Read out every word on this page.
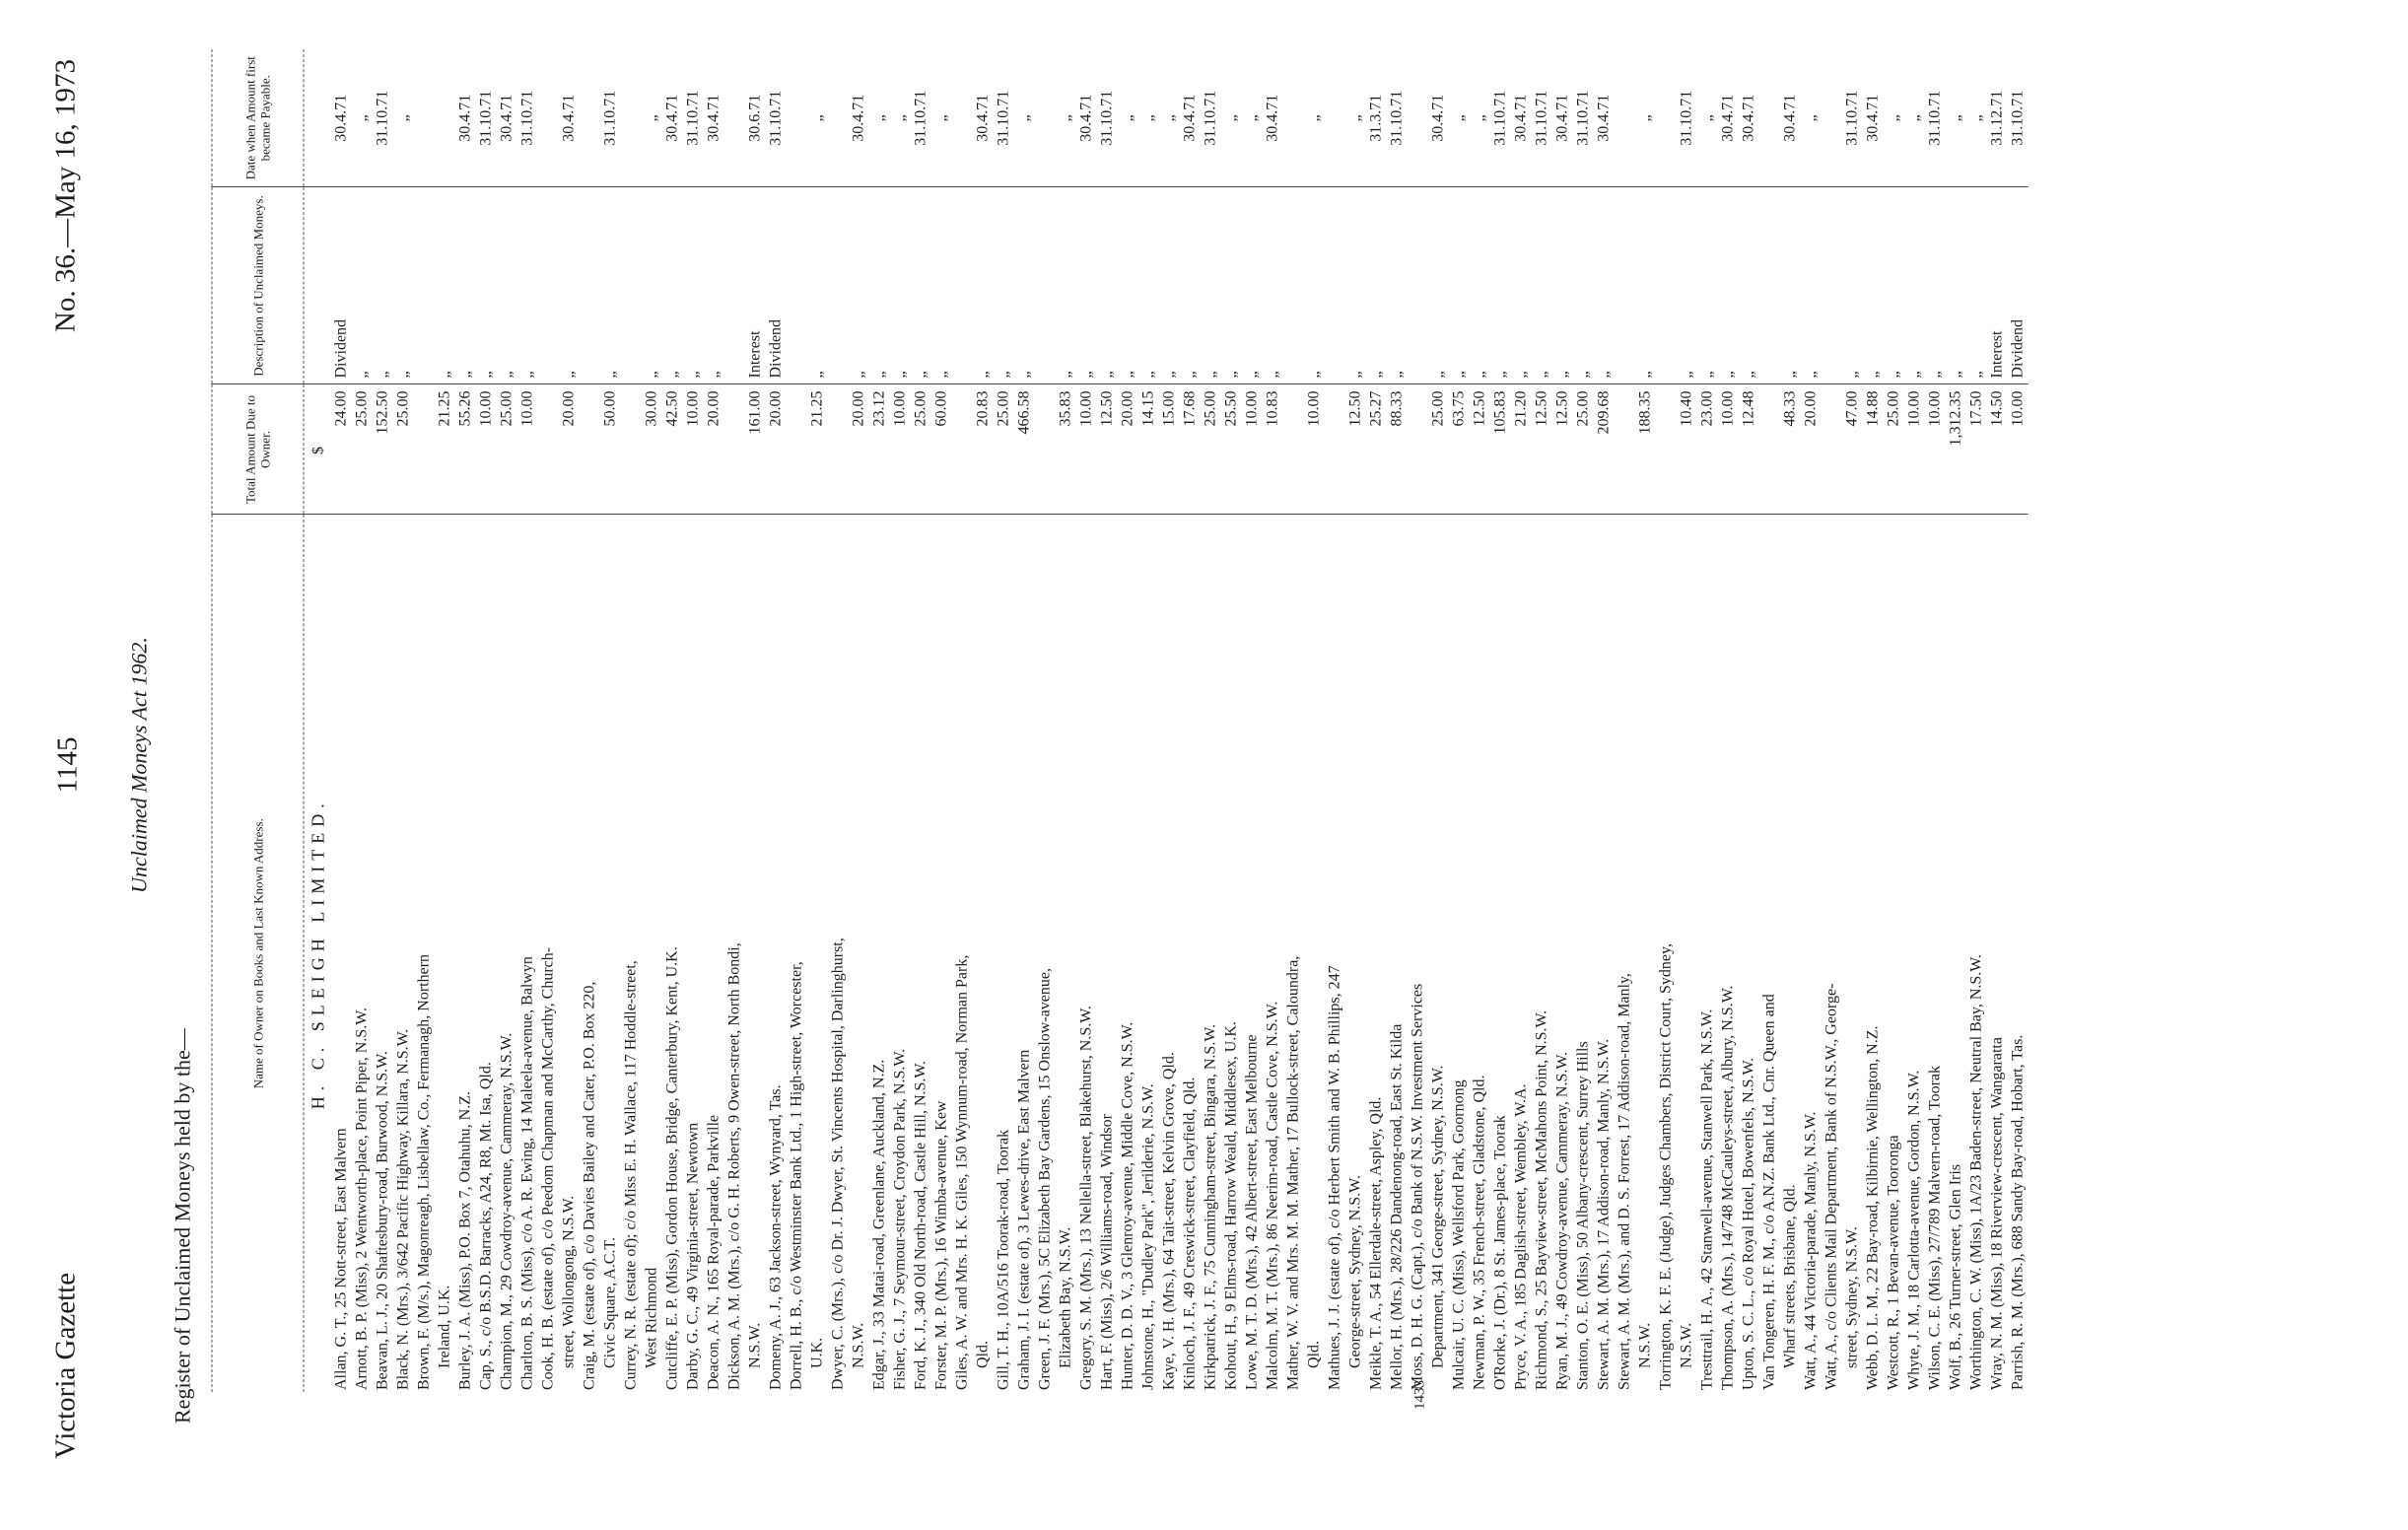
Victoria Gazette
1145
No. 36.—May 16, 1973
Unclaimed Moneys Act 1962.
Register of Unclaimed Moneys held by the—
Name of Owner on Books and Last Known Address.	Total Amount Due to Owner.	Description of Unclaimed Moneys.	Date when Amount first became Payable.
H. C. SLEIGH LIMITED.	$		
Allan, G. T., 25 Nott-street, East Malvern	24.00	Dividend	30.4.71
Arnott, B. P. (Miss), 2 Wentworth-place, Point Piper, N.S.W.	25.00	„	„
Beavan, L. J., 20 Shaftesbury-road, Burwood, N.S.W.	152.50	„	31.10.71
Black, N. (Mrs.), 3/642 Pacific Highway, Killara, N.S.W.	25.00	„	„
Brown, F. (M/s.), Magonreagh, Lisbellaw, Co., Fermanagh, Northern Ireland, U.K.	21.25	„	
Burley, J. A. (Miss), P.O. Box 7, Otahuhu, N.Z.	55.26	„	30.4.71
Cap, S., c/o B.S.D. Barracks, A24, R8, Mt. Isa, Qld.	10.00	„	31.10.71
Champion, M., 29 Cowdroy-avenue, Cammeray, N.S.W.	25.00	„	30.4.71
Charlton, B. S. (Miss), c/o A. R. Ewing, 14 Maleela-avenue, Balwyn	10.00	„	31.10.71
Cook, H. B. (estate of), c/o Peedom Chapman and McCarthy, Church- street, Wollongong, N.S.W.	20.00	„	30.4.71
Craig, M. (estate of), c/o Davies Bailey and Cater, P.O. Box 220, Civic Square, A.C.T.	50.00	„	31.10.71
Currey, N. R. (estate of); c/o Miss E. H. Wallace, 117 Hoddle-street, West Richmond	30.00	„	„
Cutcliffe, E. P. (Miss), Gordon House, Bridge, Canterbury, Kent, U.K.	42.50	„	30.4.71
Darby, G. C., 49 Virginia-street, Newtown	10.00	„	31.10.71
Deacon, A. N., 165 Royal-parade, Parkville	20.00	„	30.4.71
Dickson, A. M. (Mrs.), c/o G. H. Roberts, 9 Owen-street, North Bondi, N.S.W.	161.00	Interest	30.6.71
Domeny, A. J., 63 Jackson-street, Wynyard, Tas.	20.00	Dividend	31.10.71
Dorrell, H. B., c/o Westminster Bank Ltd., 1 High-street, Worcester, U.K.	21.25	„	„
Dwyer, C. (Mrs.), c/o Dr. J. Dwyer, St. Vincents Hospital, Darlinghurst, N.S.W.	20.00	„	30.4.71
Edgar, J., 33 Matai-road, Greenlane, Auckland, N.Z.	23.12	„	„
Fisher, G. J., 7 Seymour-street, Croydon Park, N.S.W.	10.00	„	„
Ford, K. J., 340 Old North-road, Castle Hill, N.S.W.	25.00	„	31.10.71
Forster, M. P. (Mrs.), 16 Wimba-avenue, Kew	60.00	„	„
Giles, A. W. and Mrs. H. K. Giles, 150 Wynnum-road, Norman Park, Qld.	20.83	„	30.4.71
Gill, T. H., 10A/516 Toorak-road, Toorak	25.00	„	31.10.71
Graham, J. I. (estate of), 3 Lewes-drive, East Malvern	466.58	„	„
Green, J. F. (Mrs.), 5C Elizabeth Bay Gardens, 15 Onslow-avenue, Elizabeth Bay, N.S.W.	35.83	„	„
Gregory, S. M. (Mrs.), 13 Nellella-street, Blakehurst, N.S.W.	10.00	„	30.4.71
Hart, F. (Miss), 2/6 Williams-road, Windsor	12.50	„	31.10.71
Hunter, D. D. V., 3 Glenroy-avenue, Middle Cove, N.S.W.	20.00	„	„
Johnstone, H., "Dudley Park", Jerilderie, N.S.W.	14.15	„	„
Kaye, V. H. (Mrs.), 64 Tait-street, Kelvin Grove, Qld.	15.00	„	„
Kinloch, J. F., 49 Creswick-street, Clayfield, Qld.	17.68	„	30.4.71
Kirkpatrick, J. F., 75 Cunningham-street, Bingara, N.S.W.	25.00	„	31.10.71
Kohout, H., 9 Elms-road, Harrow Weald, Middlesex, U.K.	25.50	„	„
Lowe, M. T. D. (Mrs.), 42 Albert-street, East Melbourne	10.00	„	„
Malcolm, M. T. (Mrs.), 86 Neerim-road, Castle Cove, N.S.W.	10.83	„	30.4.71
Mather, W. V. and Mrs. M. M. Mather, 17 Bullock-street, Caloundra, Qld.	10.00	„	„
Mathues, J. J. (estate of), c/o Herbert Smith and W. B. Phillips, 247 George-street, Sydney, N.S.W.	12.50	„	„
Meikle, T. A., 54 Ellerdale-street, Aspley, Qld.	25.27	„	31.3.71
Mellor, H. (Mrs.), 28/226 Dandenong-road, East St. Kilda	88.33	„	31.10.71
Moss, D. H. G. (Capt.), c/o Bank of N.S.W. Investment Services Department, 341 George-street, Sydney, N.S.W.	25.00	„	30.4.71
Mulcair, U. C. (Miss), Wellsford Park, Goornong	63.75	„	„
Newman, P. W., 35 French-street, Gladstone, Qld.	12.50	„	„
O'Rorke, J. (Dr.), 8 St. James-place, Toorak	105.83	„	31.10.71
Pryce, V. A., 185 Daglish-street, Wembley, W.A.	21.20	„	30.4.71
Richmond, S., 25 Bayview-street, McMahons Point, N.S.W.	12.50	„	31.10.71
Ryan, M. J., 49 Cowdroy-avenue, Cammeray, N.S.W.	12.50	„	30.4.71
Stanton, O. E. (Miss), 50 Albany-crescent, Surrey Hills	25.00	„	31.10.71
Stewart, A. M. (Mrs.), 17 Addison-road, Manly, N.S.W.	209.68	„	30.4.71
Stewart, A. M. (Mrs.), and D. S. Forrest, 17 Addison-road, Manly, N.S.W.	188.35	„	„
Torrington, K. F. E. (Judge), Judges Chambers, District Court, Sydney, N.S.W.	10.40	„	31.10.71
Tresttrail, H. A., 42 Stanwell-avenue, Stanwell Park, N.S.W.	23.00	„	„
Thompson, A. (Mrs.), 14/748 McCauleys-street, Albury, N.S.W.	10.00	„	30.4.71
Upton, S. C. L., c/o Royal Hotel, Bowenfels, N.S.W.	12.48	„	30.4.71
Van Tongeren, H. F. M., c/o A.N.Z. Bank Ltd., Cnr. Queen and Wharf streets, Brisbane, Qld.	48.33	„	30.4.71
Watt, A., 44 Victoria-parade, Manly, N.S.W.	20.00	„	„
Watt, A., c/o Clients Mail Department, Bank of N.S.W., George- street, Sydney, N.S.W.	47.00	„	31.10.71
Webb, D. L. M., 22 Bay-road, Kilbirnie, Wellington, N.Z.	14.88	„	30.4.71
Westcott, R., 1 Bevan-avenue, Tooronga	25.00	„	„
Whyte, J. M., 18 Carlotta-avenue, Gordon, N.S.W.	10.00	„	„
Wilson, C. E. (Miss), 27/789 Malvern-road, Toorak	10.00	„	31.10.71
Wolf, B., 26 Turner-street, Glen Iris	1,312.35	„	„
Worthington, C. W. (Miss), 1A/23 Baden-street, Neutral Bay, N.S.W.	17.50	„	„
Wray, N. M. (Miss), 18 Riverview-crescent, Wangaratta	14.50	Interest	31.12.71
Parrish, R. M. (Mrs.), 688 Sandy Bay-road, Hobart, Tas.	10.00	Dividend	31.10.71
1433
